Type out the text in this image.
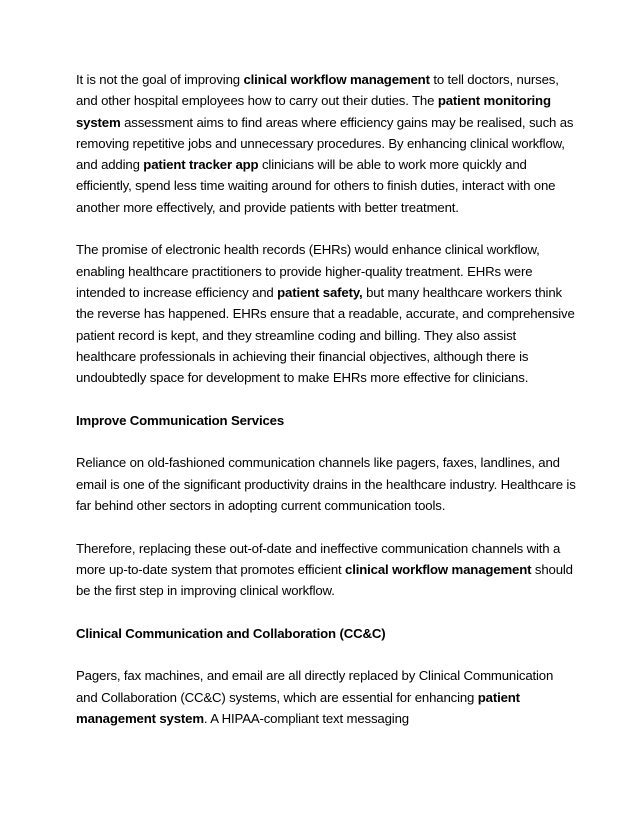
It is not the goal of improving clinical workflow management to tell doctors, nurses, and other hospital employees how to carry out their duties. The patient monitoring system assessment aims to find areas where efficiency gains may be realised, such as removing repetitive jobs and unnecessary procedures. By enhancing clinical workflow, and adding patient tracker app clinicians will be able to work more quickly and efficiently, spend less time waiting around for others to finish duties, interact with one another more effectively, and provide patients with better treatment.

The promise of electronic health records (EHRs) would enhance clinical workflow, enabling healthcare practitioners to provide higher-quality treatment. EHRs were intended to increase efficiency and patient safety, but many healthcare workers think the reverse has happened. EHRs ensure that a readable, accurate, and comprehensive patient record is kept, and they streamline coding and billing. They also assist healthcare professionals in achieving their financial objectives, although there is undoubtedly space for development to make EHRs more effective for clinicians.

Improve Communication Services

Reliance on old-fashioned communication channels like pagers, faxes, landlines, and email is one of the significant productivity drains in the healthcare industry. Healthcare is far behind other sectors in adopting current communication tools.

Therefore, replacing these out-of-date and ineffective communication channels with a more up-to-date system that promotes efficient clinical workflow management should be the first step in improving clinical workflow.

Clinical Communication and Collaboration (CC&C)

Pagers, fax machines, and email are all directly replaced by Clinical Communication and Collaboration (CC&C) systems, which are essential for enhancing patient management system. A HIPAA-compliant text messaging
